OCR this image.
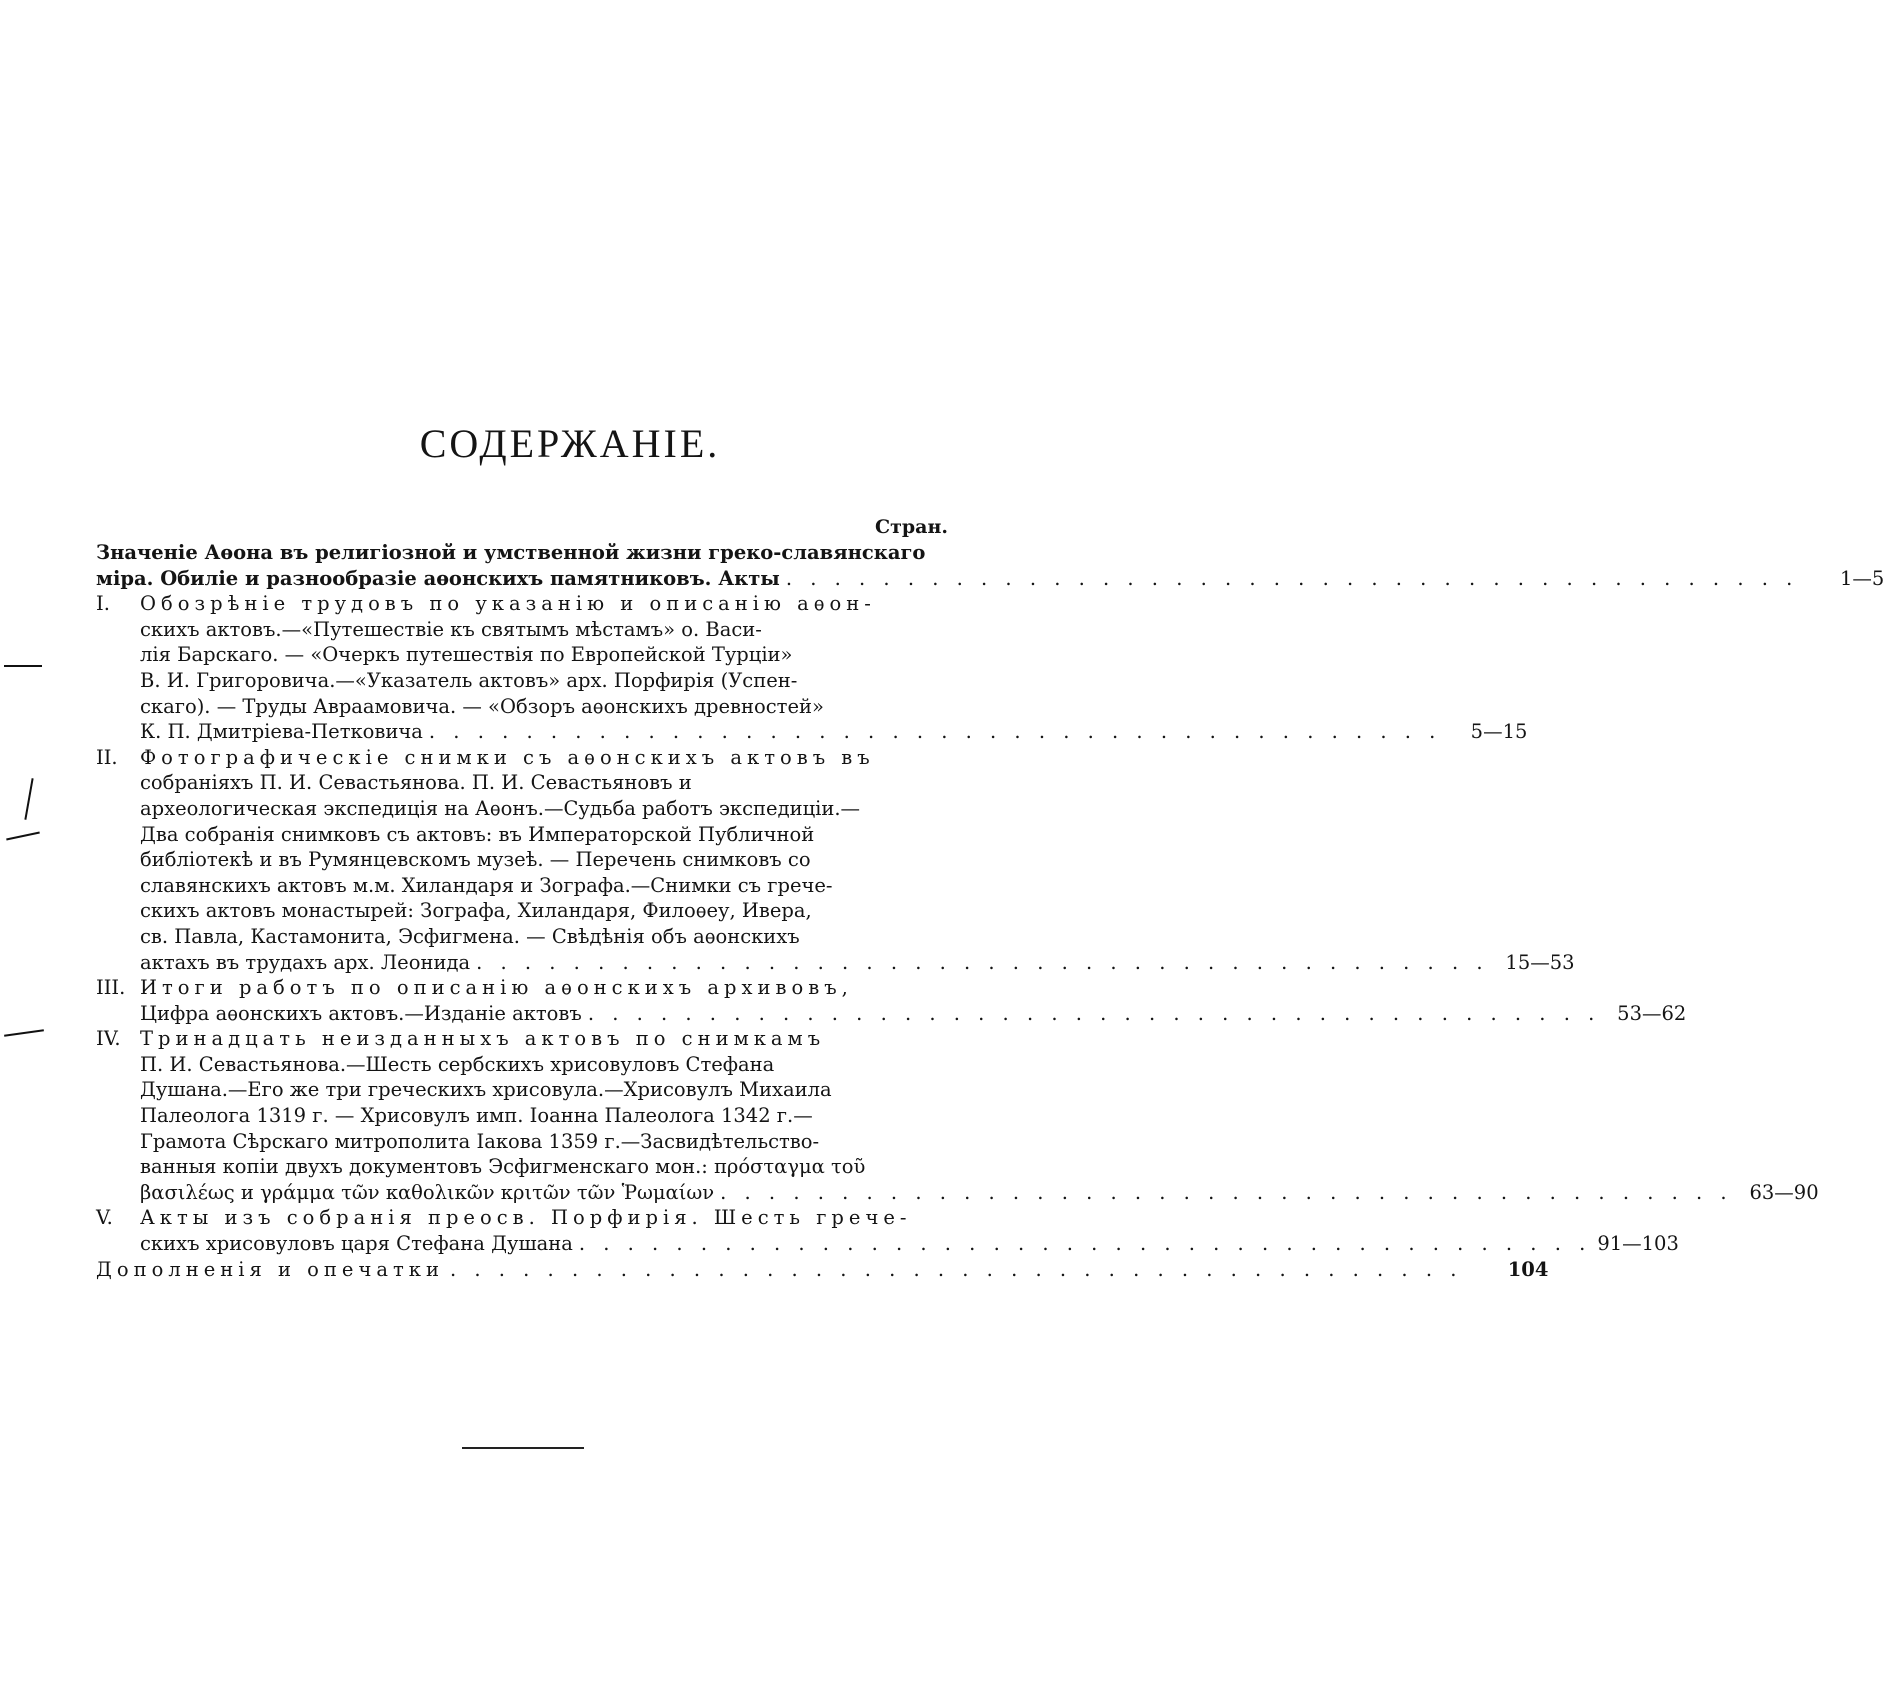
СОДЕРЖАНІЕ.
Стран.
Значеніе Аѳона въ религіозной и умственной жизни греко-славянскаго
міра. Обиліе и разнообразіе аѳонскихъ памятниковъ. Акты . . . . . . . . . . . . . . . . . . . . . . . . . . . . . . . . . . . . . . . . . .	1—5
I. Обозрѣніе трудовъ по указанію и описанію аѳон-
скихъ актовъ.—«Путешествіе къ святымъ мѣстамъ» о. Васи-
лія Барскаго. — «Очеркъ путешествія по Европейской Турціи»
В. И. Григоровича.—«Указатель актовъ» арх. Порфирія (Успен-
скаго). — Труды Авраамовича. — «Обзоръ аѳонскихъ древностей»
К. П. Дмитріева-Петковича . . . . . . . . . . . . . . . . . . . . . . . . . . . . . . . . . . . . . . . . . .	5—15
II. Фотографическіе снимки съ аѳонскихъ актовъ въ
собраніяхъ П. И. Севастьянова. П. И. Севастьяновъ и
археологическая экспедиція на Аѳонъ.—Судьба работъ экспедиціи.—
Два собранія снимковъ съ актовъ: въ Императорской Публичной
библіотекѣ и въ Румянцевскомъ музеѣ. — Перечень снимковъ со
славянскихъ актовъ м.м. Хиландаря и Зографа.—Снимки съ грече-
скихъ актовъ монастырей: Зографа, Хиландаря, Филоѳеу, Ивера,
св. Павла, Кастамонита, Эсфигмена. — Свѣдѣнія объ аѳонскихъ
актахъ въ трудахъ арх. Леонида . . . . . . . . . . . . . . . . . . . . . . . . . . . . . . . . . . . . . . . . . . 15—53
III. Итоги работъ по описанію аѳонскихъ архивовъ,
Цифра аѳонскихъ актовъ.—Изданіе актовъ . . . . . . . . . . . . . . . . . . . . . . . . . . . . . . . . . . . . . . . . . . 53—62
IV. Тринадцать неизданныхъ актовъ по снимкамъ
П. И. Севастьянова.—Шесть сербскихъ хрисовуловъ Стефана
Душана.—Его же три греческихъ хрисовула.—Хрисовулъ Михаила
Палеолога 1319 г. — Хрисовулъ имп. Іоанна Палеолога 1342 г.—
Грамота Сѣрскаго митрополита Іакова 1359 г.—Засвидѣтельство-
ванныя копіи двухъ документовъ Эсфигменскаго мон.: πρόσταγμα τοῦ
βασιλέως и γράμμα τῶν καθολικῶν κριτῶν τῶν Ῥωμαίων . . . . . . . . . . . . . . . . . . . . . . . . . . . . . . . . . . . . . . . . . . 63—90
V. Акты изъ собранія преосв. Порфирія. Шесть грече-
скихъ хрисовуловъ царя Стефана Душана . . . . . . . . . . . . . . . . . . . . . . . . . . . . . . . . . . . . . . . . . . 91—103
Дополненія и опечатки . . . . . . . . . . . . . . . . . . . . . . . . . . . . . . . . . . . . . . . . . .	104
